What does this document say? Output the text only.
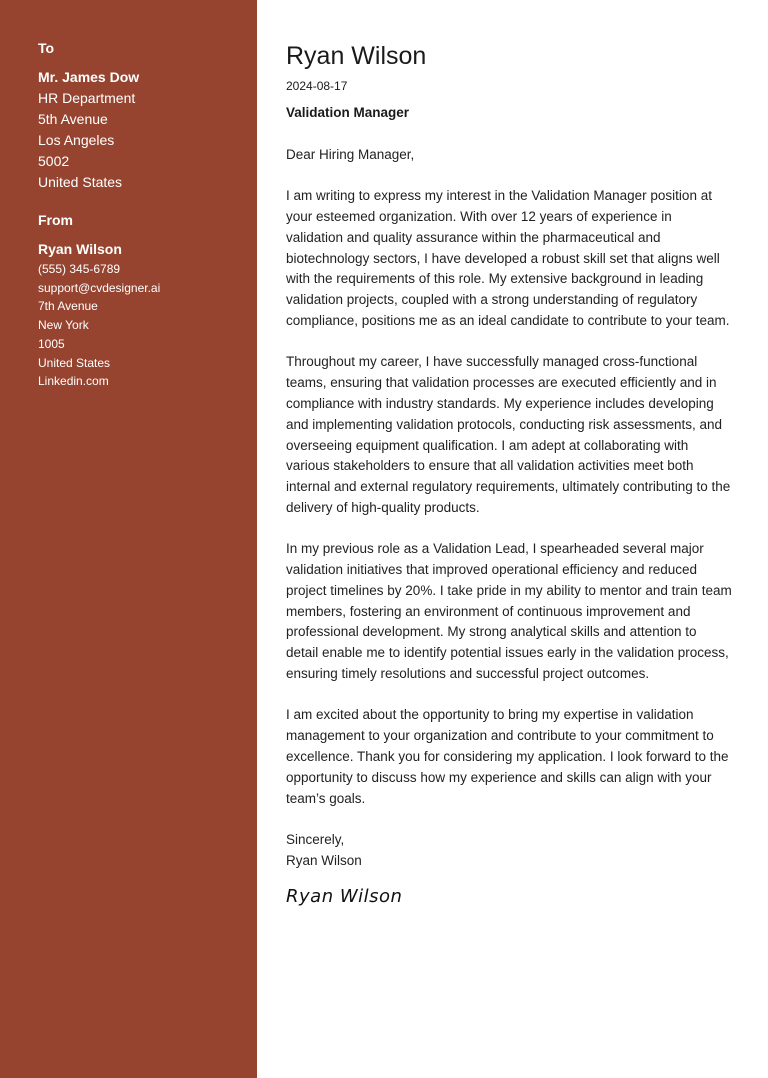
To
Mr. James Dow
HR Department
5th Avenue
Los Angeles
5002
United States
From
Ryan Wilson
(555) 345-6789
support@cvdesigner.ai
7th Avenue
New York
1005
United States
Linkedin.com
Ryan Wilson
2024-08-17
Validation Manager
Dear Hiring Manager,
I am writing to express my interest in the Validation Manager position at your esteemed organization. With over 12 years of experience in validation and quality assurance within the pharmaceutical and biotechnology sectors, I have developed a robust skill set that aligns well with the requirements of this role. My extensive background in leading validation projects, coupled with a strong understanding of regulatory compliance, positions me as an ideal candidate to contribute to your team.
Throughout my career, I have successfully managed cross-functional teams, ensuring that validation processes are executed efficiently and in compliance with industry standards. My experience includes developing and implementing validation protocols, conducting risk assessments, and overseeing equipment qualification. I am adept at collaborating with various stakeholders to ensure that all validation activities meet both internal and external regulatory requirements, ultimately contributing to the delivery of high-quality products.
In my previous role as a Validation Lead, I spearheaded several major validation initiatives that improved operational efficiency and reduced project timelines by 20%. I take pride in my ability to mentor and train team members, fostering an environment of continuous improvement and professional development. My strong analytical skills and attention to detail enable me to identify potential issues early in the validation process, ensuring timely resolutions and successful project outcomes.
I am excited about the opportunity to bring my expertise in validation management to your organization and contribute to your commitment to excellence. Thank you for considering my application. I look forward to the opportunity to discuss how my experience and skills can align with your team’s goals.
Sincerely,
Ryan Wilson
Ryan Wilson
